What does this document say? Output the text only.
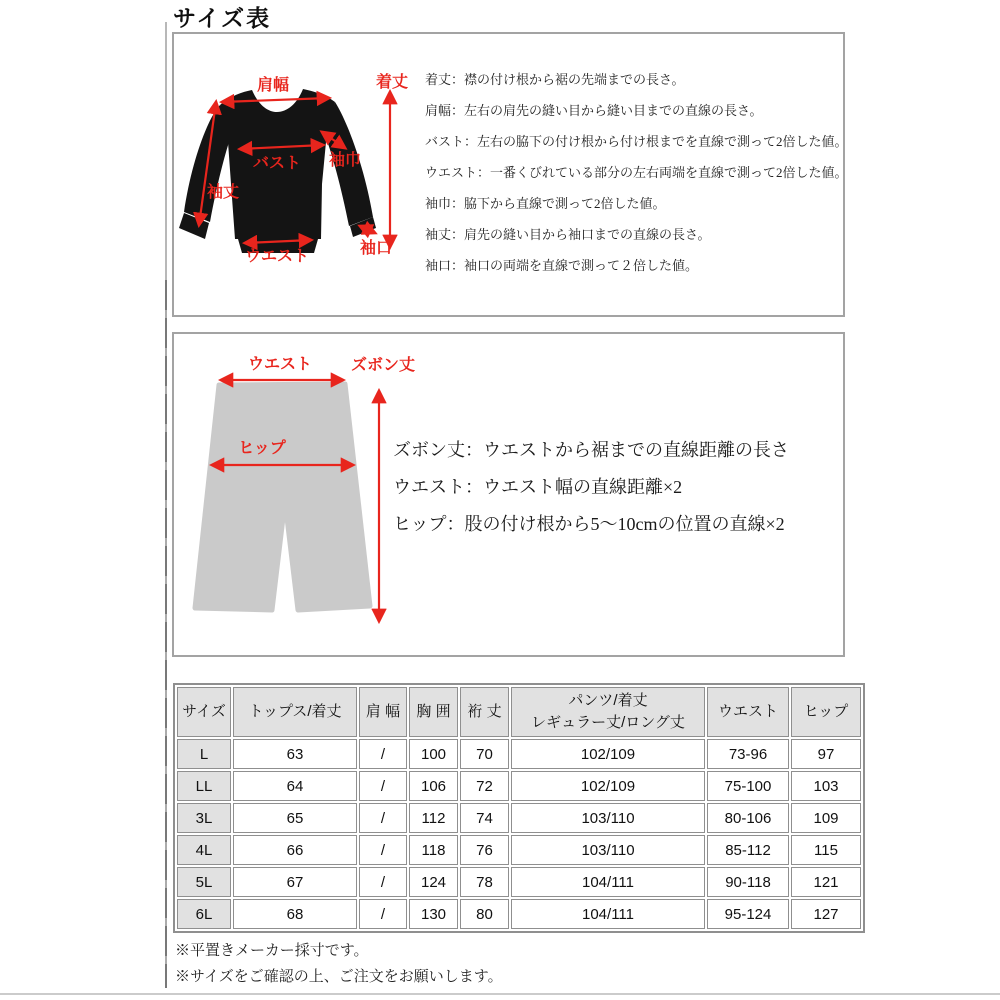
サイズ表
肩幅	着丈
バスト	袖巾
袖丈
ウエスト	袖口
着丈：襟の付け根から裾の先端までの長さ。
肩幅：左右の肩先の縫い目から縫い目までの直線の長さ。
バスト：左右の脇下の付け根から付け根までを直線で測って2倍した値。
ウエスト：一番くびれている部分の左右両端を直線で測って2倍した値。
袖巾：脇下から直線で測って2倍した値。
袖丈：肩先の縫い目から袖口までの直線の長さ。
袖口：袖口の両端を直線で測って２倍した値。
ウエスト	ズボン丈
ヒップ	ズボン丈：ウエストから裾までの直線距離の長さ
ウエスト：ウエスト幅の直線距離×2
ヒップ：股の付け根から5～10cmの位置の直線×2
サイズ	トップス/着丈	肩 幅	胸 囲	裄 丈	パンツ/着丈
レギュラー丈/ロング丈	ウエスト	ヒップ
L	63	/	100	70	102/109	73-96	97
LL	64	/	106	72	102/109	75-100	103
3L	65	/	112	74	103/110	80-106	109
4L	66	/	118	76	103/110	85-112	115
5L	67	/	124	78	104/111	90-118	121
6L	68	/	130	80	104/111	95-124	127
※平置きメーカー採寸です。
※サイズをご確認の上、ご注文をお願いします。
